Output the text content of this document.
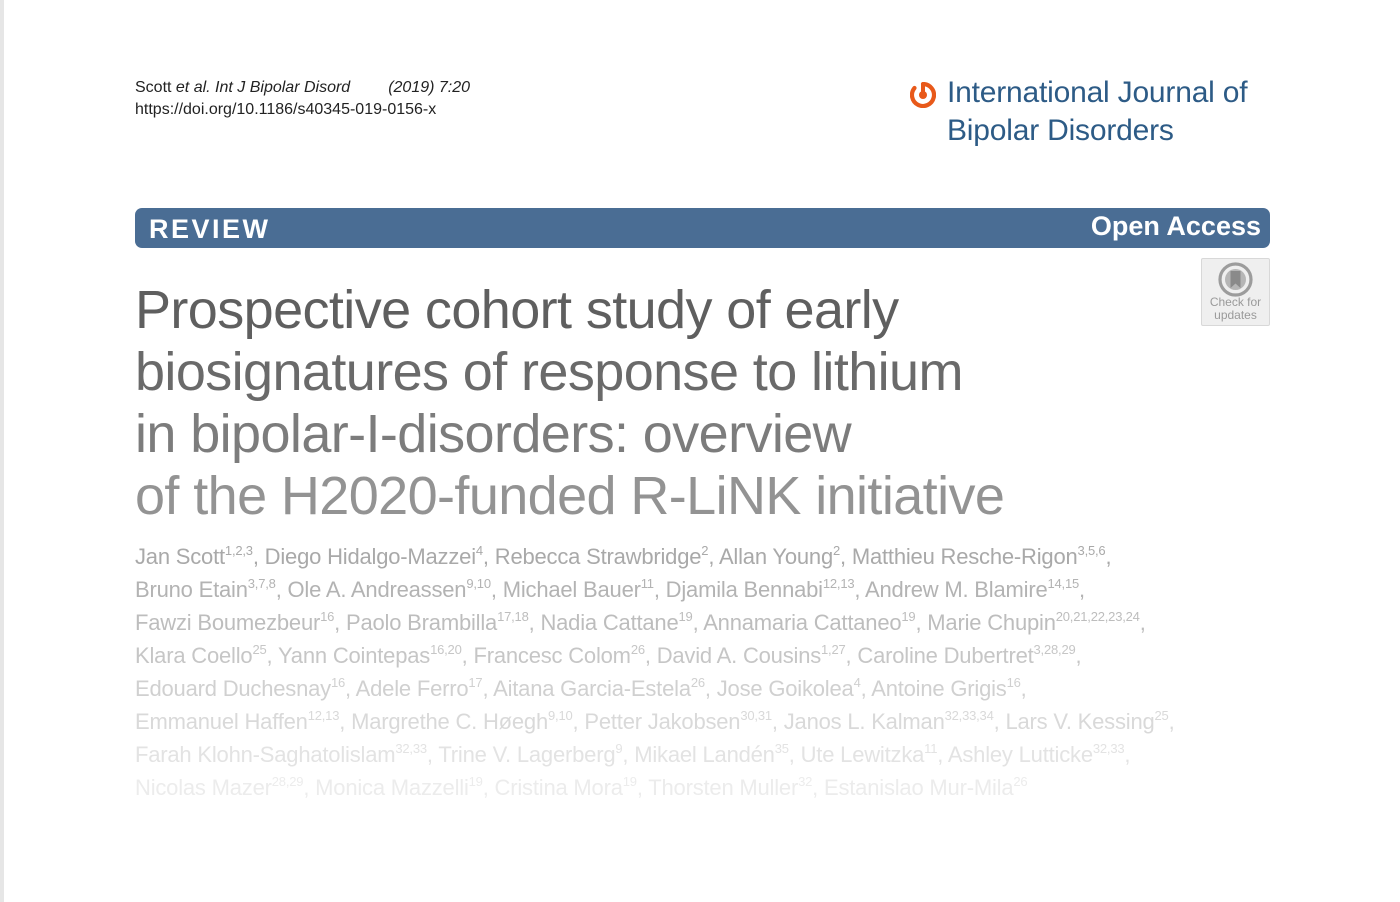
Scott et al. Int J Bipolar Disord (2019) 7:20
https://doi.org/10.1186/s40345-019-0156-x
International Journal of
Bipolar Disorders
REVIEW	Open Access
Check for
updates
Prospective cohort study of early
biosignatures of response to lithium
in bipolar-I-disorders: overview
of the H2020-funded R-LiNK initiative
Jan Scott$^{1,2,3}$, Diego Hidalgo-Mazzei$^4$, Rebecca Strawbridge$^2$, Allan Young$^2$, Matthieu Resche-Rigon$^{3,5,6}$,
Bruno Etain$^{3,7,8}$, Ole A. Andreassen$^{9,10}$, Michael Bauer$^{11}$, Djamila Bennabi$^{12,13}$, Andrew M. Blamire$^{14,15}$,
Fawzi Boumezbeur$^{16}$, Paolo Brambilla$^{17,18}$, Nadia Cattane$^{19}$, Annamaria Cattaneo$^{19}$, Marie Chupin$^{20,21,22,23,24}$,
Klara Coello$^{25}$, Yann Cointepas$^{16,20}$, Francesc Colom$^{26}$, David A. Cousins$^{1,27}$, Caroline Dubertret$^{3,28,29}$,
Edouard Duchesnay$^{16}$, Adele Ferro$^{17}$, Aitana Garcia-Estela$^{26}$, Jose Goikolea$^4$, Antoine Grigis$^{16}$,
Emmanuel Haffen$^{12,13}$, Margrethe C. Høegh$^{9,10}$, Petter Jakobsen$^{30,31}$, Janos L. Kalman$^{32,33,34}$, Lars V. Kessing$^{25}$,
Farah Klohn-Saghatolislam$^{32,33}$, Trine V. Lagerberg$^9$, Mikael Landén$^{35}$, Ute Lewitzka$^{11}$, Ashley Lutticke$^{32,33}$,
Nicolas Mazer$^{28,29}$, Monica Mazzelli$^{19}$, Cristina Mora$^{19}$, Thorsten Muller$^{32}$, Estanislao Mur-Mila$^{26}$
